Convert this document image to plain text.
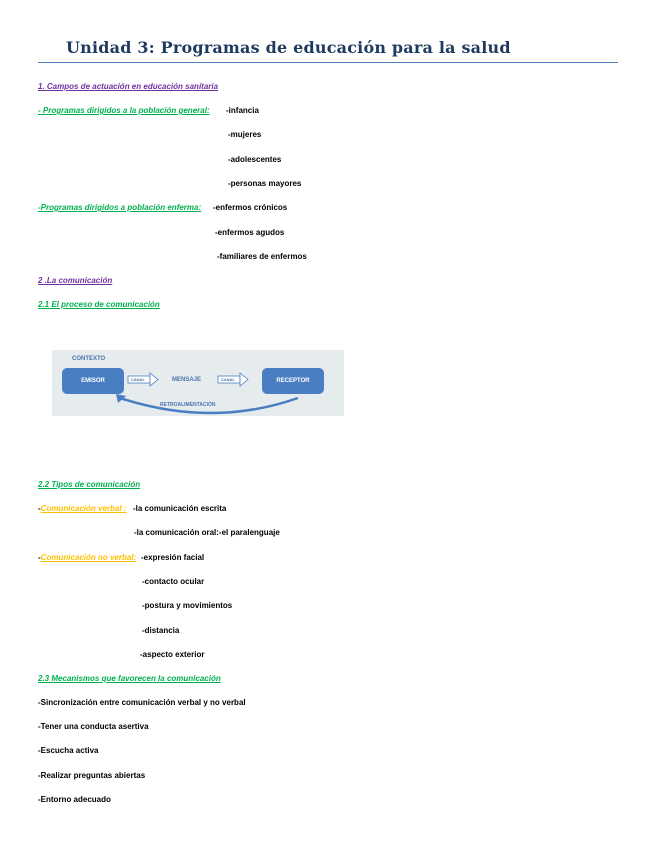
Unidad 3: Programas de educación para la salud
1. Campos de actuación en educación sanitaria
- Programas dirigidos a la población general: -infancia
-mujeres
-adolescentes
-personas mayores
-Programas dirigidos a población enferma: -enfermos crónicos
-enfermos agudos
-familiares de enfermos
2 .La comunicación
2.1 El proceso de comunicación
CONTEXTO
EMISOR	RECEPTOR
CANAL	CANAL
MENSAJE
RETROALIMENTACIÓN
2.2 Tipos de comunicación
-Comunicación verbal : -la comunicación escrita
-la comunicación oral:-el paralenguaje
-Comunicación no verbal: -expresión facial
-contacto ocular
-postura y movimientos
-distancia
-aspecto exterior
2.3 Mecanismos que favorecen la comunicación
-Sincronización entre comunicación verbal y no verbal
-Tener una conducta asertiva
-Escucha activa
-Realizar preguntas abiertas
-Entorno adecuado
